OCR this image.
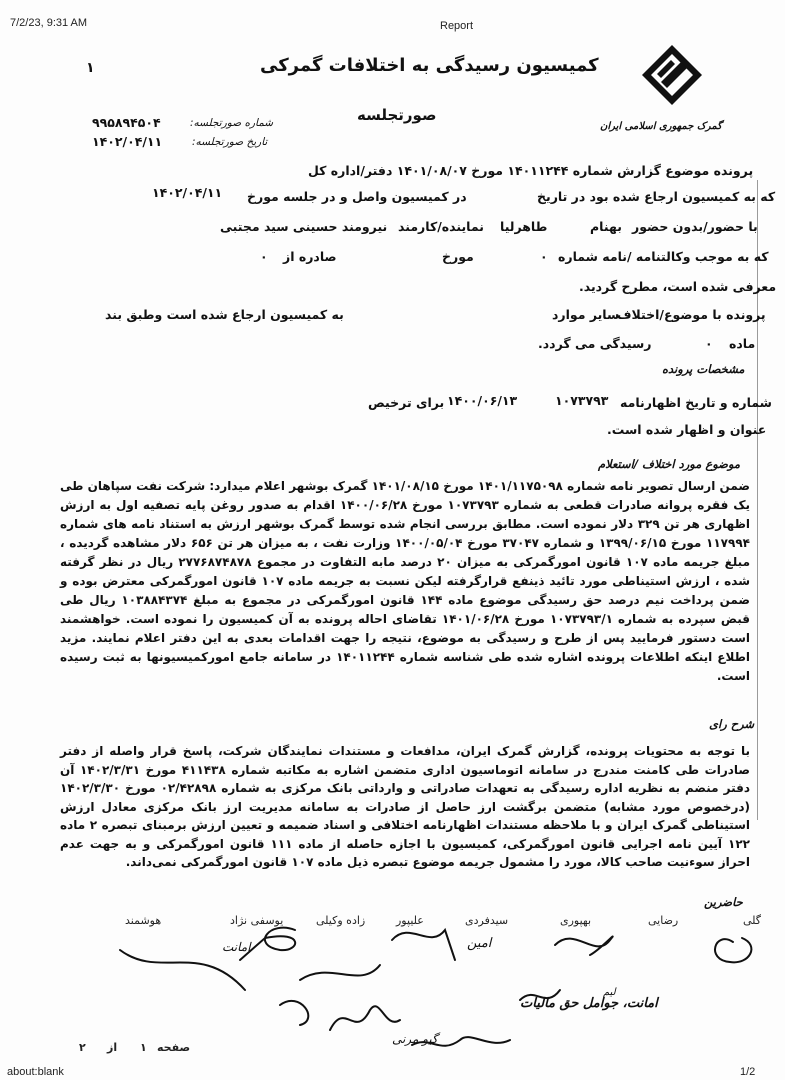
7/2/23, 9:31 AM	Report
گمرک جمهوری اسلامی ایران
کمیسیون رسیدگی به اختلافات گمرکی
۱
صورتجلسه
شماره صورتجلسه:
۹۹۵۸۹۴۵۰۴
تاریخ صورتجلسه:
۱۴۰۲/۰۴/۱۱
پرونده موضوع گزارش شماره ۱۴۰۱۱۲۴۴ مورخ ۱۴۰۱/۰۸/۰۷ دفتر/اداره کل
که به کمیسیون ارجاع شده بود در تاریخ
در کمیسیون واصل و در جلسه مورخ
۱۴۰۲/۰۴/۱۱
با حضور/بدون حضور
بهنام
طاهرلیا
نماینده/کارمند
نیرومند حسینی سید مجتبی
که به موجب وکالتنامه /نامه شماره
۰
مورخ
صادره از
۰
معرفی شده است، مطرح گردید.
پرونده با موضوع/اختلاف
سایر موارد
به کمیسیون ارجاع شده است وطبق بند
ماده
۰
رسیدگی می گردد.
مشخصات پرونده
شماره و تاریخ اظهارنامه
۱۰۷۳۷۹۳
۱۴۰۰/۰۶/۱۳
برای ترخیص
عنوان و اظهار شده است.
موضوع مورد اختلاف /استعلام
ضمن ارسال تصویر نامه شماره ۱۴۰۱/۱۱۷۵۰۹۸ مورخ ۱۴۰۱/۰۸/۱۵ گمرک بوشهر اعلام میدارد: شرکت نفت سپاهان طی یک فقره پروانه صادرات قطعی به شماره ۱۰۷۳۷۹۳ مورخ ۱۴۰۰/۰۶/۲۸ اقدام به صدور روغن پایه تصفیه اول به ارزش اظهاری هر تن ۳۲۹ دلار نموده است. مطابق بررسی انجام شده توسط گمرک بوشهر ارزش به استناد نامه های شماره ۱۱۷۹۹۴ مورخ ۱۳۹۹/۰۶/۱۵ و شماره ۳۷۰۴۷ مورخ ۱۴۰۰/۰۵/۰۴ وزارت نفت ، به میزان هر تن ۶۵۶ دلار مشاهده گردیده ، مبلغ جریمه ماده ۱۰۷ قانون امورگمرکی به میزان ۲۰ درصد مابه التفاوت در مجموع ۲۷۷۶۸۷۴۸۷۸ ریال در نظر گرفته شده ، ارزش استیناطی مورد تائید ذینفع قرارگرفته لیکن نسبت به جریمه ماده ۱۰۷ قانون امورگمرکی معترض بوده و ضمن پرداخت نیم درصد حق رسیدگی موضوع ماده ۱۴۴ قانون امورگمرکی در مجموع به مبلغ ۱۰۳۸۸۴۳۷۴ ریال طی قبض سپرده به شماره ۱۰۷۳۷۹۳/۱ مورخ ۱۴۰۱/۰۶/۲۸ تقاضای احاله پرونده به آن کمیسیون را نموده است. خواهشمند است دستور فرمایید پس از طرح و رسیدگی به موضوع، نتیجه را جهت اقدامات بعدی به این دفتر اعلام نمایند. مزید اطلاع اینکه اطلاعات پرونده اشاره شده طی شناسه شماره ۱۴۰۱۱۲۴۴ در سامانه جامع امورکمیسیونها به ثبت رسیده است.
شرح رای
با توجه به محتویات پرونده، گزارش گمرک ایران، مدافعات و مستندات نمایندگان شرکت، پاسخ قرار واصله از دفتر صادرات طی کامنت مندرج در سامانه اتوماسیون اداری متضمن اشاره به مکاتبه شماره ۴۱۱۴۳۸ مورخ ۱۴۰۲/۳/۳۱ آن دفتر منضم به نظریه اداره رسیدگی به تعهدات صادراتی و وارداتی بانک مرکزی به شماره ۰۲/۴۲۸۹۸ مورخ ۱۴۰۲/۳/۳۰ (درخصوص مورد مشابه) متضمن برگشت ارز حاصل از صادرات به سامانه مدیریت ارز بانک مرکزی معادل ارزش استیناطی گمرک ایران و با ملاحظه مستندات اظهارنامه اختلافی و اسناد ضمیمه و تعیین ارزش برمبنای تبصره ۲ ماده ۱۲۲ آیین نامه اجرایی قانون امورگمرکی، کمیسیون با اجازه حاصله از ماده ۱۱۱ قانون امورگمرکی و به جهت عدم احراز سوءنیت صاحب کالا، مورد را مشمول جریمه موضوع تبصره ذیل ماده ۱۰۷ قانون امورگمرکی نمی‌داند.
حاضرین
گلی
رضایی
بهپوری
سیدفردی
علیپور
زاده وکیلی
یوسفی نژاد
هوشمند
امین
امانت
لیم
امانت، جوامل حق مالیات
گیو مرنی
صفحه
۱
از
۲
about:blank	1/2
